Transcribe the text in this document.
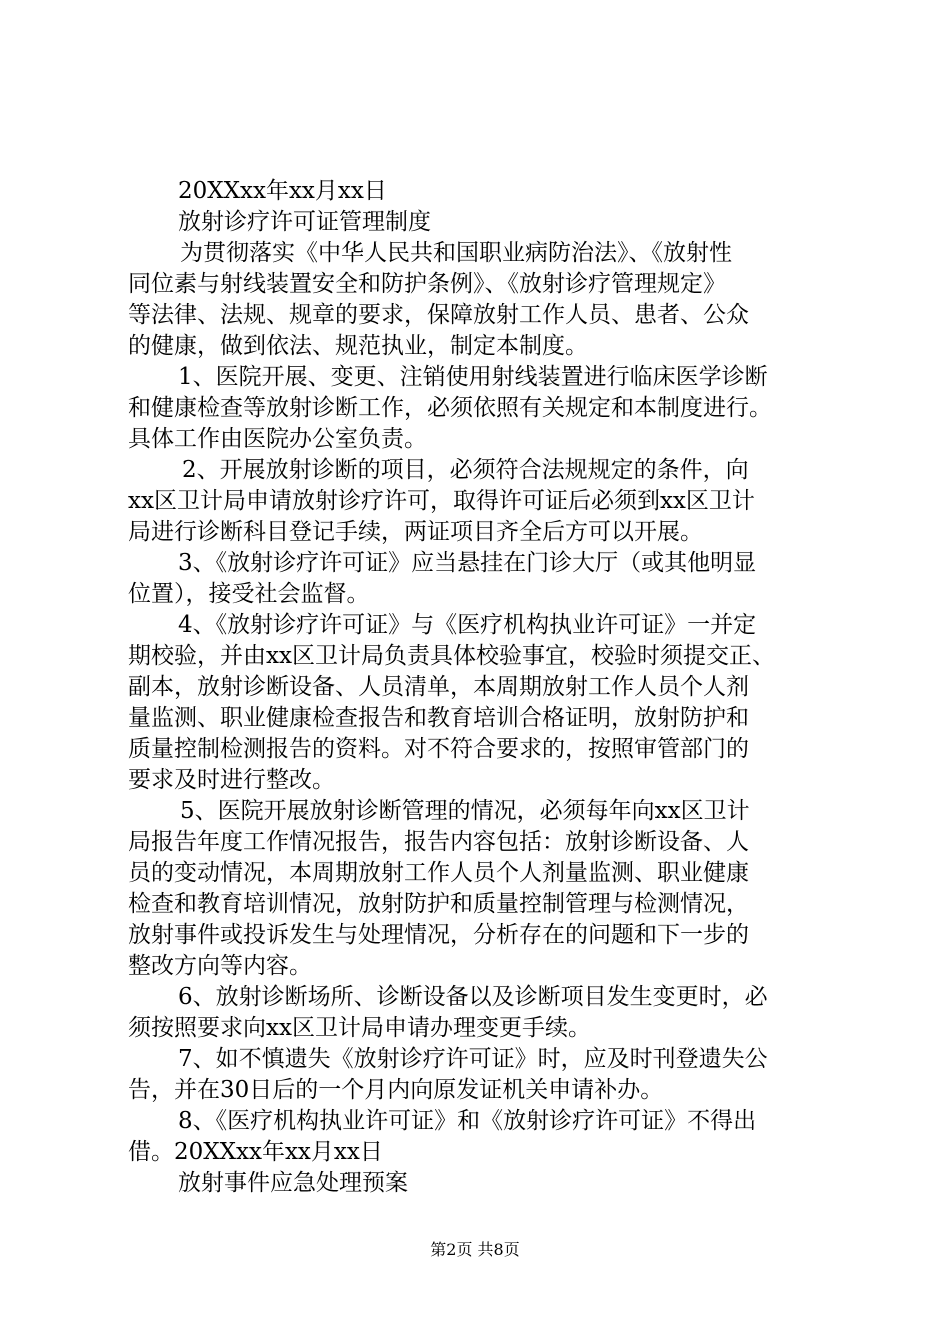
20XXxx年xx月xx日
放射诊疗许可证管理制度
为贯彻落实《中华人民共和国职业病防治法》、《放射性
同位素与射线装置安全和防护条例》、《放射诊疗管理规定》
等法律、法规、规章的要求，保障放射工作人员、患者、公众
的健康，做到依法、规范执业，制定本制度。
1、医院开展、变更、注销使用射线装置进行临床医学诊断
和健康检查等放射诊断工作，必须依照有关规定和本制度进行。
具体工作由医院办公室负责。
2、开展放射诊断的项目，必须符合法规规定的条件，向
xx区卫计局申请放射诊疗许可，取得许可证后必须到xx区卫计
局进行诊断科目登记手续，两证项目齐全后方可以开展。
3、《放射诊疗许可证》应当悬挂在门诊大厅（或其他明显
位置），接受社会监督。
4、《放射诊疗许可证》与《医疗机构执业许可证》一并定
期校验，并由xx区卫计局负责具体校验事宜，校验时须提交正、
副本，放射诊断设备、人员清单，本周期放射工作人员个人剂
量监测、职业健康检查报告和教育培训合格证明，放射防护和
质量控制检测报告的资料。对不符合要求的，按照审管部门的
要求及时进行整改。
5、医院开展放射诊断管理的情况，必须每年向xx区卫计
局报告年度工作情况报告，报告内容包括：放射诊断设备、人
员的变动情况，本周期放射工作人员个人剂量监测、职业健康
检查和教育培训情况，放射防护和质量控制管理与检测情况，
放射事件或投诉发生与处理情况，分析存在的问题和下一步的
整改方向等内容。
6、放射诊断场所、诊断设备以及诊断项目发生变更时，必
须按照要求向xx区卫计局申请办理变更手续。
7、如不慎遗失《放射诊疗许可证》时，应及时刊登遗失公
告，并在30日后的一个月内向原发证机关申请补办。
8、《医疗机构执业许可证》和《放射诊疗许可证》不得出
借。20XXxx年xx月xx日
放射事件应急处理预案
第2页 共8页
